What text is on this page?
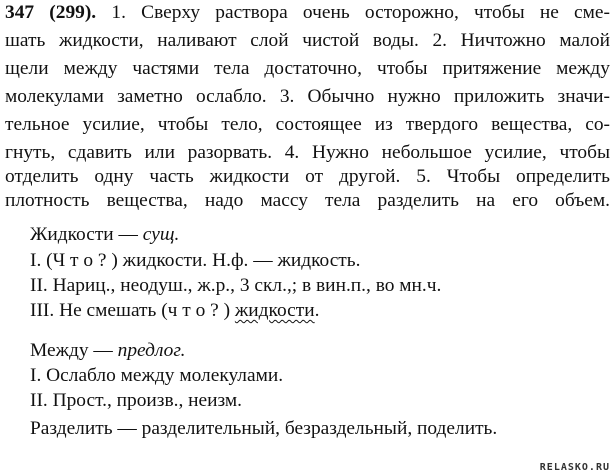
347 (299). 1. Сверху раствора очень осторожно, чтобы не сме-
шать жидкости, наливают слой чистой воды. 2. Ничтожно малой
щели между частями тела достаточно, чтобы притяжение между
молекулами заметно ослабло. 3. Обычно нужно приложить значи-
тельное усилие, чтобы тело, состоящее из твердого вещества, со-
гнуть, сдавить или разорвать. 4. Нужно небольшое усилие, чтобы
отделить одну часть жидкости от другой. 5. Чтобы определить
плотность вещества, надо массу тела разделить на его объем.
Жидкости — сущ.
I. (Ч т о ? ) жидкости. Н.ф. — жидкость.
II. Нариц., неодуш., ж.р., 3 скл.,; в вин.п., во мн.ч.
III. Не смешать (ч т о ? ) жидкости.
Между — предлог.
I. Ослаблo между молекулами.
II. Прост., произв., неизм.
Разделить — разделительный, безраздельный, поделить.
RELASKO.RU
